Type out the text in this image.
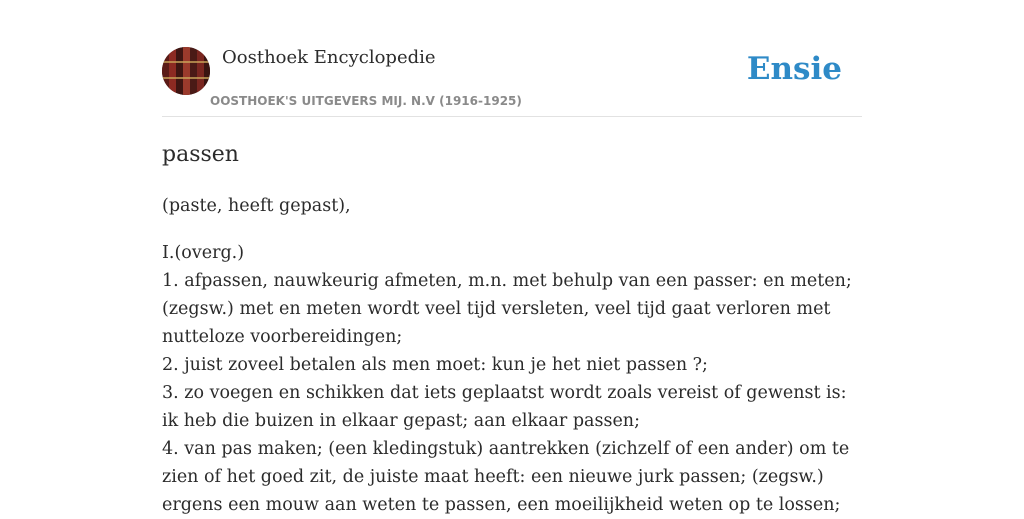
Oosthoek Encyclopedie
OOSTHOEK'S UITGEVERS MIJ. N.V (1916-1925)
Ensie
passen
(paste, heeft gepast),
I.(overg.)
1. afpassen, nauwkeurig afmeten, m.n. met behulp van een passer: en meten; (zegsw.) met en meten wordt veel tijd versleten, veel tijd gaat verloren met nutteloze voorbereidingen;
2. juist zoveel betalen als men moet: kun je het niet passen ?;
3. zo voegen en schikken dat iets geplaatst wordt zoals vereist of gewenst is: ik heb die buizen in elkaar gepast; aan elkaar passen;
4. van pas maken; (een kledingstuk) aantrekken (zichzelf of een ander) om te zien of het goed zit, de juiste maat heeft: een nieuwe jurk passen; (zegsw.) ergens een mouw aan weten te passen, een moeilijkheid weten op te lossen;
